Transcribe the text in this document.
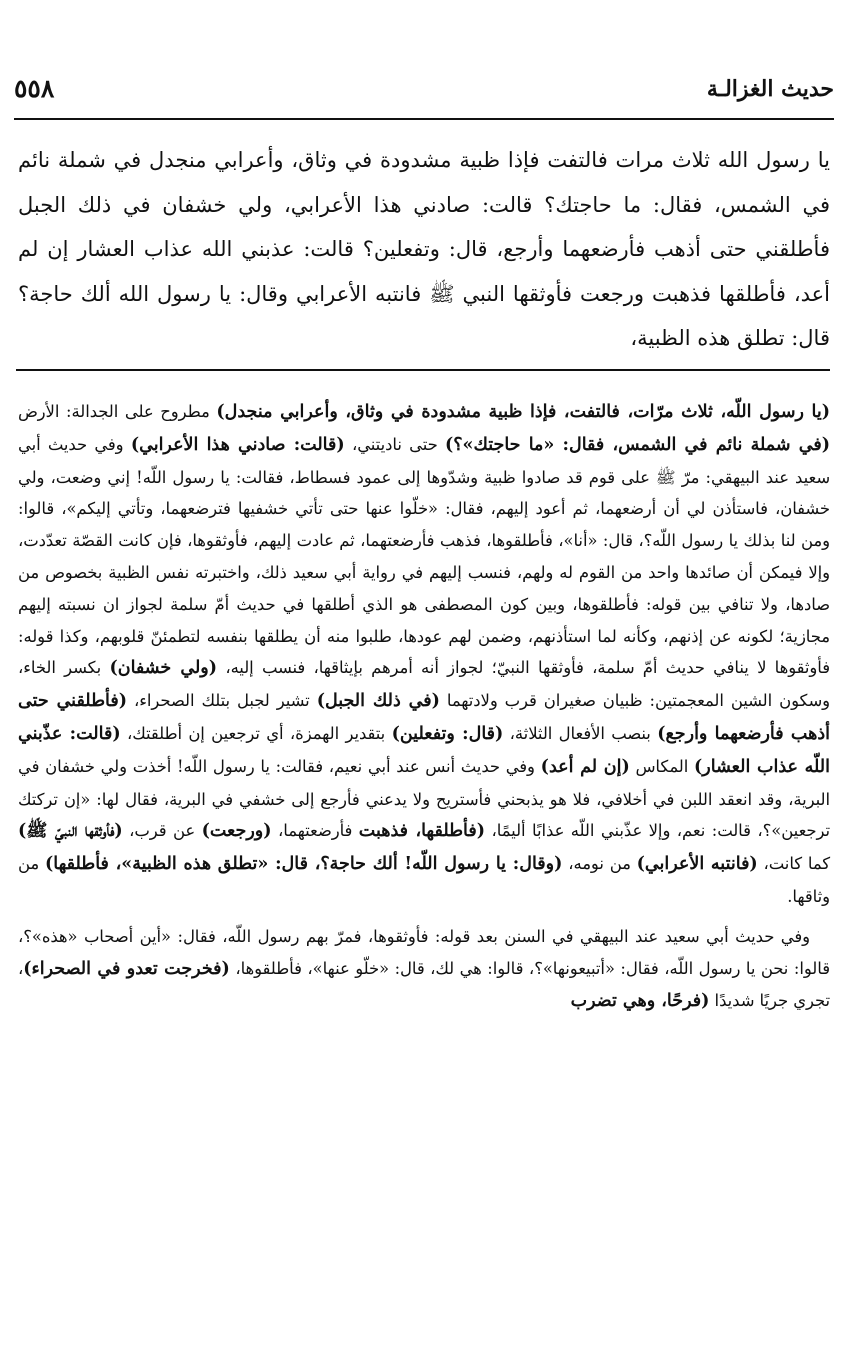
٥٥٨	حديث الغزالـة
يا رسول الله ثلاث مرات فالتفت فإذا ظبية مشدودة في وثاق، وأعرابي منجدل في شملة نائم في الشمس، فقال: ما حاجتك؟ قالت: صادني هذا الأعرابي، ولي خشفان في ذلك الجبل فأطلقني حتى أذهب فأرضعهما وأرجع، قال: وتفعلين؟ قالت: عذبني الله عذاب العشار إن لم أعد، فأطلقها فذهبت ورجعت فأوثقها النبي ﷺ فانتبه الأعرابي وقال: يا رسول الله ألك حاجة؟ قال: تطلق هذه الظبية،

(يا رسول اللّه، ثلاث مرّات، فالتفت، فإذا ظبية مشدودة في وثاق، وأعرابي منجدل) مطروح على الجدالة: الأرض (في شملة نائم في الشمس، فقال: «ما حاجتك»؟) حتى ناديتني، (قالت: صادني هذا الأعرابي) وفي حديث أبي سعيد عند البيهقي: مرّ ﷺ على قوم قد صادوا ظبية وشدّوها إلى عمود فسطاط، فقالت: يا رسول اللّه! إني وضعت، ولي خشفان، فاستأذن لي أن أرضعهما، ثم أعود إليهم، فقال: «خلّوا عنها حتى تأتي خشفيها فترضعهما، وتأتي إليكم»، قالوا: ومن لنا بذلك يا رسول اللّه؟، قال: «أنا»، فأطلقوها، فذهب فأرضعتهما، ثم عادت إليهم، فأوثقوها، فإن كانت القصّة تعدّدت، وإلا فيمكن أن صائدها واحد من القوم له ولهم، فنسب إليهم في رواية أبي سعيد ذلك، واختبرته نفس الظبية بخصوص من صادها، ولا تنافي بين قوله: فأطلقوها، وبين كون المصطفى هو الذي أطلقها في حديث أمّ سلمة لجواز ان نسبته إليهم مجازية؛ لكونه عن إذنهم، وكأنه لما استأذنهم، وضمن لهم عودها، طلبوا منه أن يطلقها بنفسه لتطمئنّ قلوبهم، وكذا قوله: فأوثقوها لا ينافي حديث أمّ سلمة، فأوثقها النبيّ؛ لجواز أنه أمرهم بإيثاقها، فنسب إليه، (ولي خشفان) بكسر الخاء، وسكون الشين المعجمتين: ظبيان صغيران قرب ولادتهما (في ذلك الجبل) تشير لجبل بتلك الصحراء، (فأطلقني حتى أذهب فأرضعهما وأرجع) بنصب الأفعال الثلاثة، (قال: وتفعلين) بتقدير الهمزة، أي ترجعين إن أطلقتك، (قالت: عذّبني اللّه عذاب العشار) المكاس (إن لم أعد) وفي حديث أنس عند أبي نعيم، فقالت: يا رسول اللّه! أخذت ولي خشفان في البرية، وقد انعقد اللبن في أخلافي، فلا هو يذبحني فأستريح ولا يدعني فأرجع إلى خشفي في البرية، فقال لها: «إن تركتك ترجعين»؟، قالت: نعم، وإلا عذّبني اللّه عذابًا أليمًا، (فأطلقها، فذهبت فأرضعتهما، (ورجعت) عن قرب، (فأوثقها النبيّ ﷺ) كما كانت، (فانتبه الأعرابي) من نومه، (وقال: يا رسول اللّه! ألك حاجة؟، قال: «تطلق هذه الظبية»، فأطلقها) من وثاقها.

وفي حديث أبي سعيد عند البيهقي في السنن بعد قوله: فأوثقوها، فمرّ بهم رسول اللّه، فقال: «أين أصحاب «هذه»؟، قالوا: نحن يا رسول اللّه، فقال: «أتبيعونها»؟، قالوا: هي لك، قال: «خلّو عنها»، فأطلقوها، (فخرجت تعدو في الصحراء)، تجري جريًا شديدًا (فرحًا، وهي تضرب
